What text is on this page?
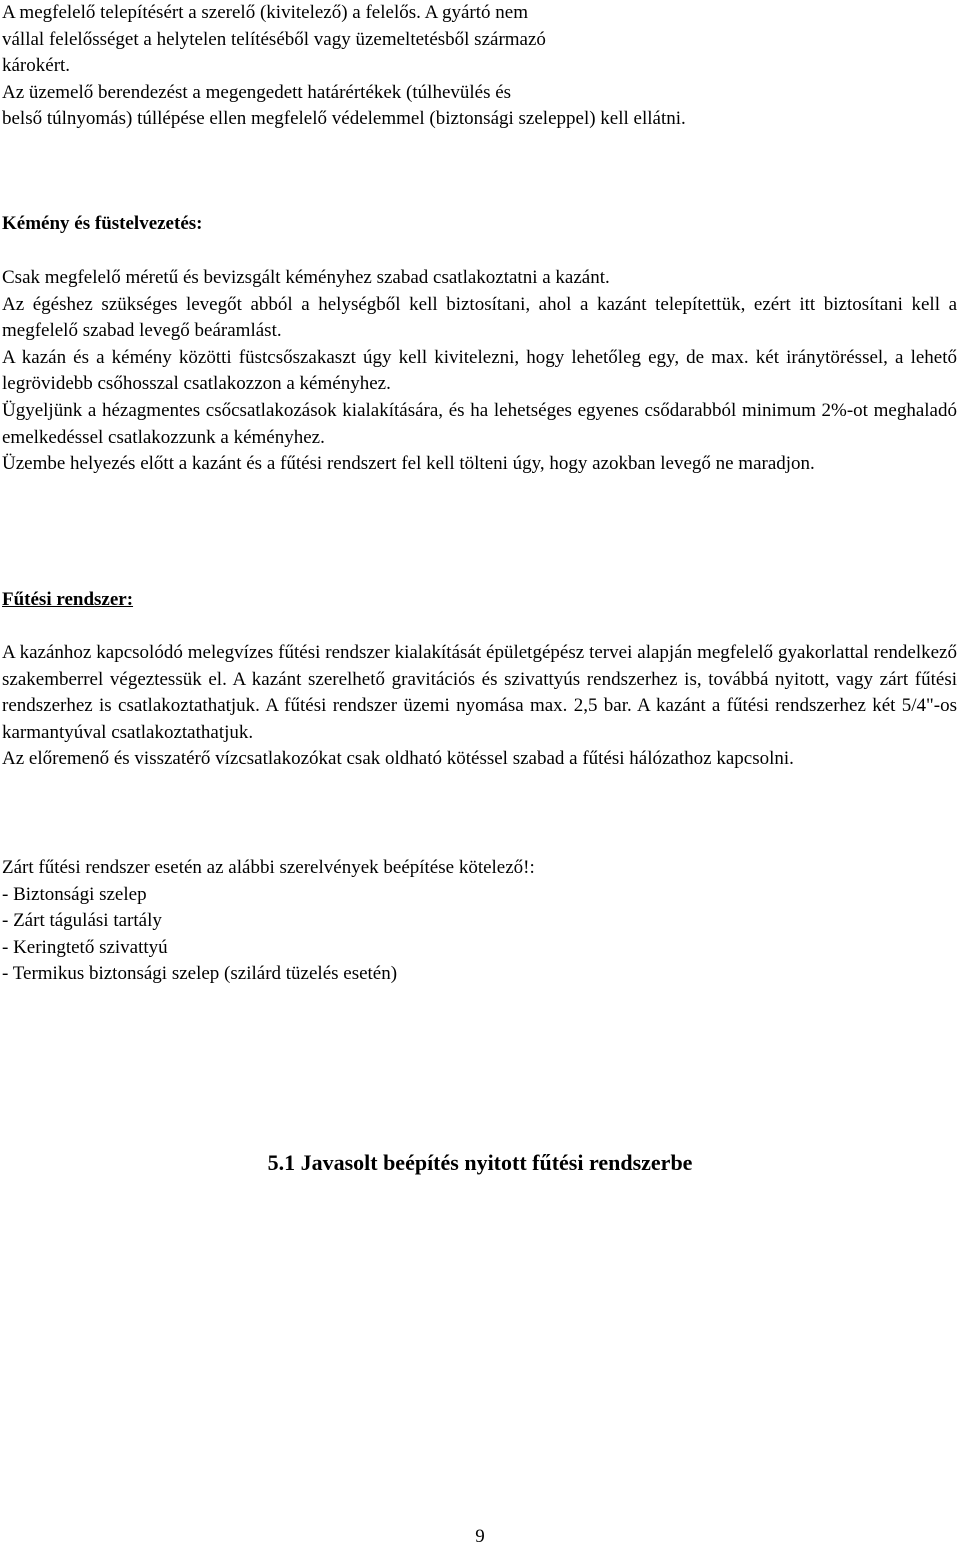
A megfelelő telepítésért a szerelő (kivitelező) a felelős. A gyártó nem

vállal felelősséget a helytelen telítéséből vagy üzemeltetésből származó

károkért.

Az üzemelő berendezést a megengedett határértékek (túlhevülés és

belső túlnyomás) túllépése ellen megfelelő védelemmel (biztonsági szeleppel) kell ellátni.

Kémény és füstelvezetés:

Csak megfelelő méretű és bevizsgált kéményhez szabad csatlakoztatni a kazánt.

Az égéshez szükséges levegőt abból a helységből kell biztosítani, ahol a kazánt telepítettük, ezért itt biztosítani kell a megfelelő szabad levegő beáramlást.

A kazán és a kémény közötti füstcsőszakaszt úgy kell kivitelezni, hogy lehetőleg egy, de max. két iránytöréssel, a lehető legrövidebb csőhosszal csatlakozzon a kéményhez.

Ügyeljünk a hézagmentes csőcsatlakozások kialakítására, és ha lehetséges egyenes csődarabból minimum 2%-ot meghaladó emelkedéssel csatlakozzunk a kéményhez.

Üzembe helyezés előtt a kazánt és a fűtési rendszert fel kell tölteni úgy, hogy azokban levegő ne maradjon.

Fűtési rendszer:

A kazánhoz kapcsolódó melegvízes fűtési rendszer kialakítását épületgépész tervei alapján megfelelő gyakorlattal rendelkező szakemberrel végeztessük el. A kazánt szerelhető gravitációs és szivattyús rendszerhez is, továbbá nyitott, vagy zárt fűtési rendszerhez is csatlakoztathatjuk. A fűtési rendszer üzemi nyomása max. 2,5 bar. A kazánt a fűtési rendszerhez két 5/4"-os karmantyúval csatlakoztathatjuk.

Az előremenő és visszatérő vízcsatlakozókat csak oldható kötéssel szabad a fűtési hálózathoz kapcsolni.

Zárt fűtési rendszer esetén az alábbi szerelvények beépítése kötelező!:

- Biztonsági szelep

- Zárt tágulási tartály

- Keringtető szivattyú

- Termikus biztonsági szelep (szilárd tüzelés esetén)

5.1 Javasolt beépítés nyitott fűtési rendszerbe
9
